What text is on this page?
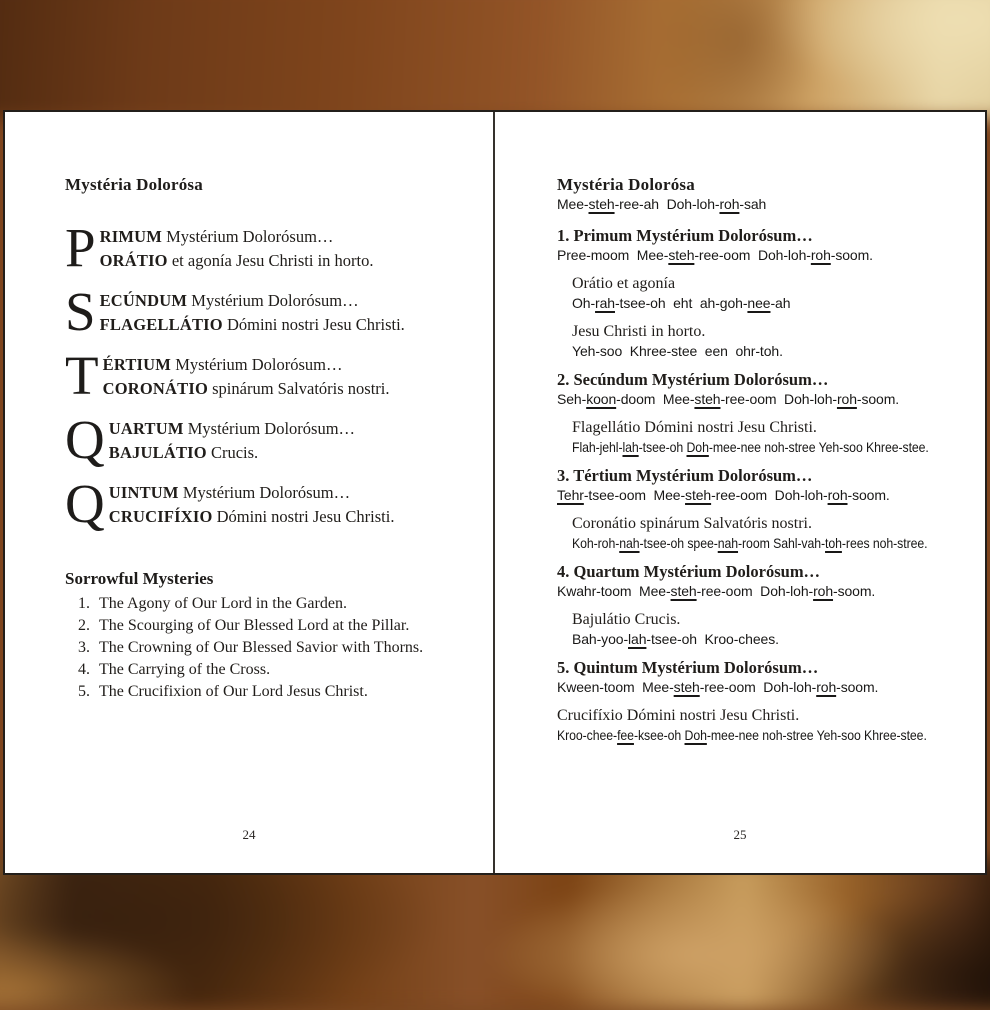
Mystéria Dolorósa
P RIMUM Mystérium Dolorósum…
ORÁTIO et agonía Jesu Christi in horto.
S ECÚNDUM Mystérium Dolorósum…
FLAGELLÁTIO Dómini nostri Jesu Christi.
T ÉRTIUM Mystérium Dolorósum…
CORONÁTIO spinárum Salvatóris nostri.
Q UARTUM Mystérium Dolorósum…
BAJULÁTIO Crucis.
Q UINTUM Mystérium Dolorósum…
CRUCIFÍXIO Dómini nostri Jesu Christi.
Sorrowful Mysteries
1. The Agony of Our Lord in the Garden.
2. The Scourging of Our Blessed Lord at the Pillar.
3. The Crowning of Our Blessed Savior with Thorns.
4. The Carrying of the Cross.
5. The Crucifixion of Our Lord Jesus Christ.
24
Mystéria Dolorósa
Mee-steh-ree-ah  Doh-loh-roh-sah
1. Primum Mystérium Dolorósum…
Pree-moom  Mee-steh-ree-oom  Doh-loh-roh-soom.
Orátio et agonía
Oh-rah-tsee-oh  eht  ah-goh-nee-ah
Jesu Christi in horto.
Yeh-soo  Khree-stee  een  ohr-toh.
2. Secúndum Mystérium Dolorósum…
Seh-koon-doom  Mee-steh-ree-oom  Doh-loh-roh-soom.
Flagellátio Dómini nostri Jesu Christi.
Flah-jehl-lah-tsee-oh Doh-mee-nee noh-stree Yeh-soo Khree-stee.
3. Tértium Mystérium Dolorósum…
Tehr-tsee-oom  Mee-steh-ree-oom  Doh-loh-roh-soom.
Coronátio spinárum Salvatóris nostri.
Koh-roh-nah-tsee-oh spee-nah-room Sahl-vah-toh-rees noh-stree.
4. Quartum Mystérium Dolorósum…
Kwahr-toom  Mee-steh-ree-oom  Doh-loh-roh-soom.
Bajulátio Crucis.
Bah-yoo-lah-tsee-oh  Kroo-chees.
5. Quintum Mystérium Dolorósum…
Kween-toom  Mee-steh-ree-oom  Doh-loh-roh-soom.
Crucifíxio Dómini nostri Jesu Christi.
Kroo-chee-fee-ksee-oh Doh-mee-nee noh-stree Yeh-soo Khree-stee.
25
